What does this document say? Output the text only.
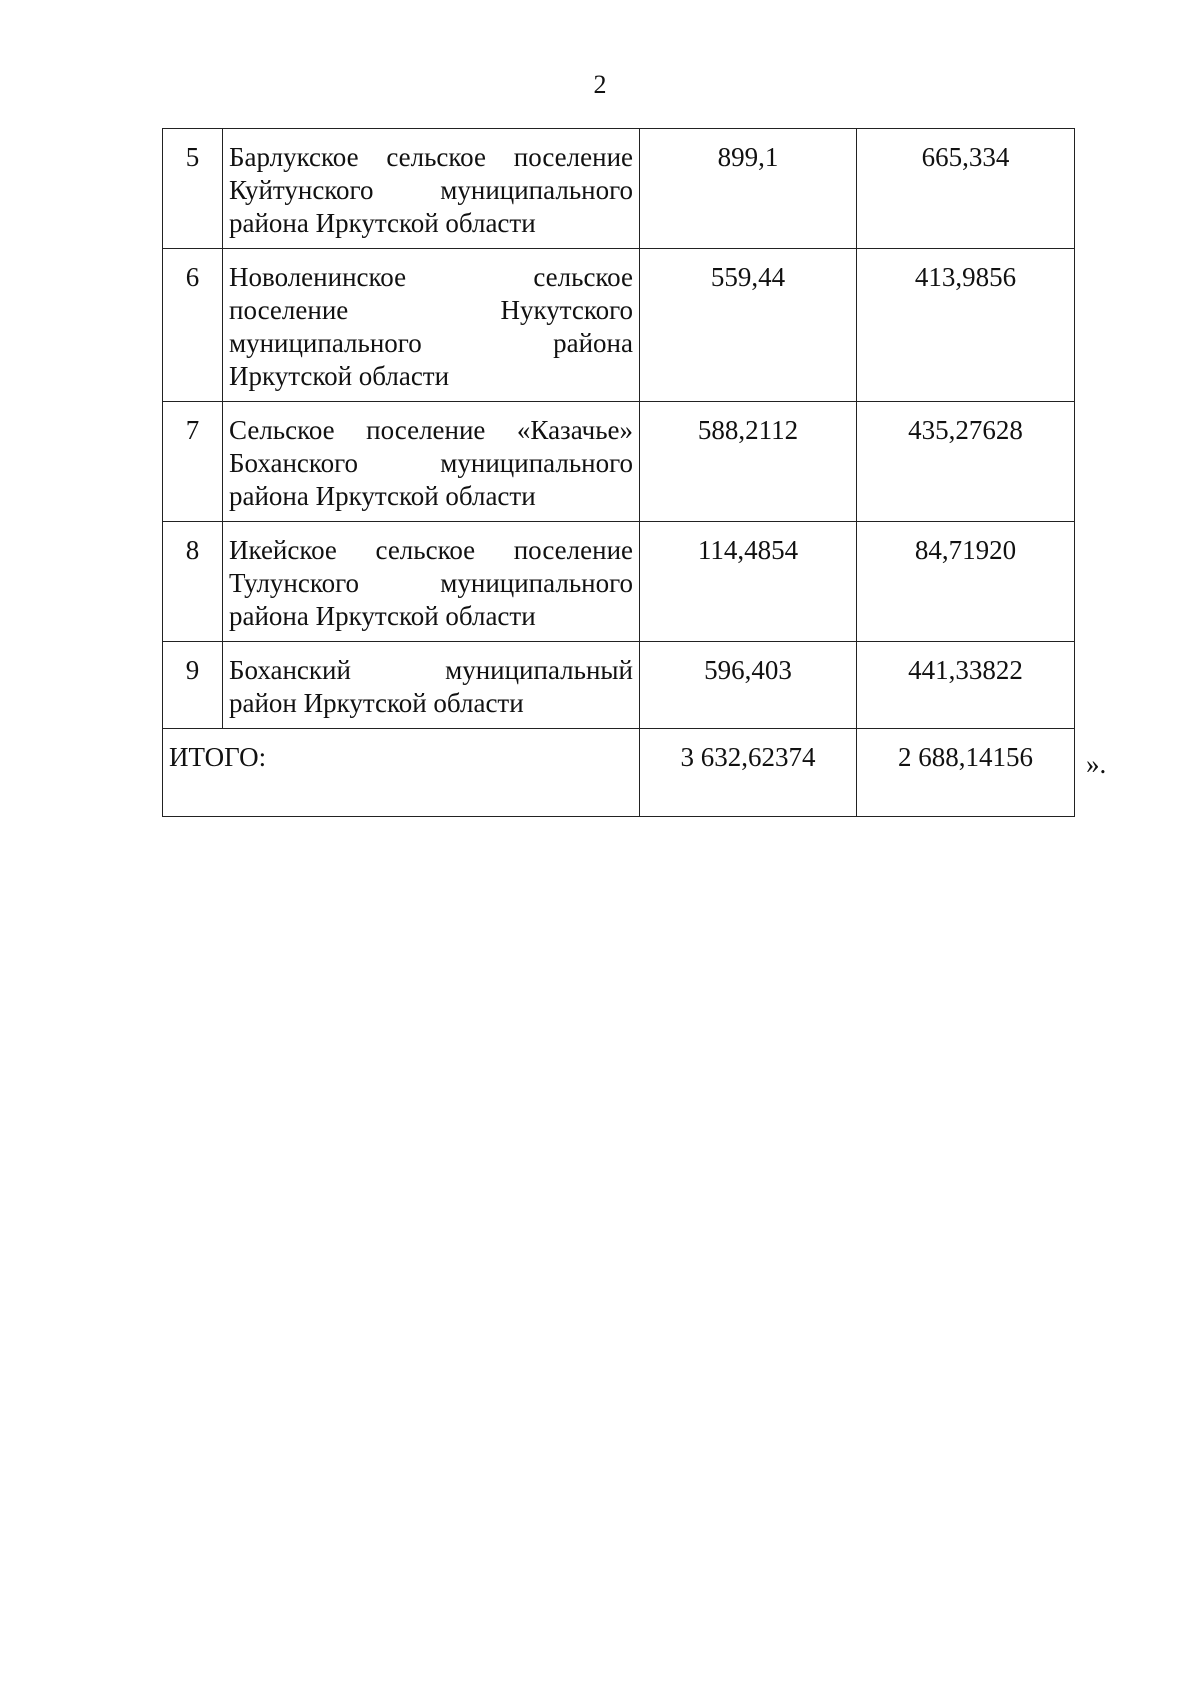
2
5	Барлукское сельское поселение
Куйтунского муниципального
района Иркутской области	899,1	665,334
6	Новоленинское сельское
поселение Нукутского
муниципального района
Иркутской области	559,44	413,9856
7	Сельское поселение «Казачье»
Боханского муниципального
района Иркутской области	588,2112	435,27628
8	Икейское сельское поселение
Тулунского муниципального
района Иркутской области	114,4854	84,71920
9	Боханский муниципальный
район Иркутской области	596,403	441,33822
ИТОГО:		3 632,62374	2 688,14156 ».
